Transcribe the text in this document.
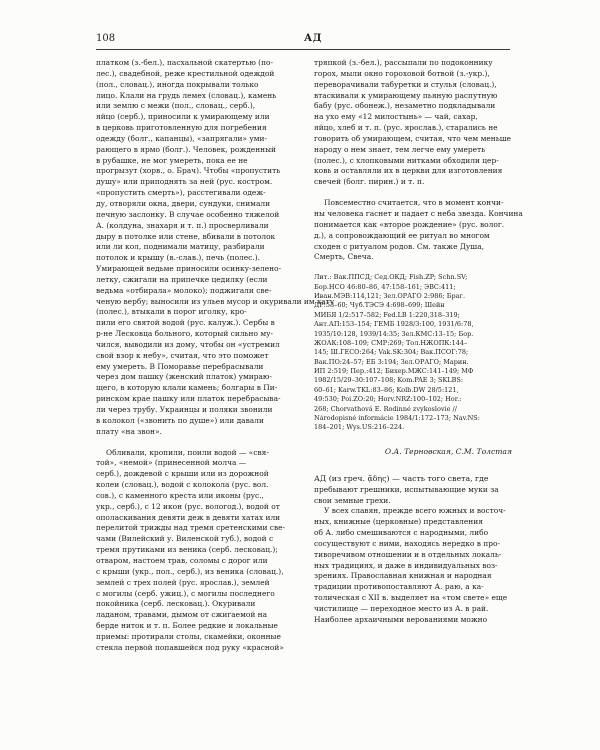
108	АД
платком (з.-бел.), пасхальной скатертью (по-
лес.), свадебной, реже крестильной одеждой
(пол., словац.), иногда покрывали только
лицо. Клали на грудь лемех (словац.), камень
или землю с межи (пол., словац., серб.),
яйцо (серб.), приносили к умирающему или
в церковь приготовленную для погребения
одежду (болг., капанцы), «запрягали» уми-
рающего в ярмо (болг.). Человек, рожденный
в рубашке, не мог умереть, пока ее не
прогрызут (хорв., о. Брач). Чтобы «пропустить
душу» или приподнять за ней (рус. кострoм.
«пропустить смерть»), расстегивали одеж-
ду, отворяли окна, двери, сундуки, снимали
печную заслонку. В случае особенно тяжелой
А. (колдуна, знахаря и т. п.) просверливали
дыру в потолке или стене, вбивали в потолок
или ли кол, поднимали матицу, разбирали
потолок и крышу (в.-слав.), печь (полес.).
Умирающей ведьме приносили осинку-зелено-
летку, сжигали на припечке цедилку (если
ведьма «отбирала» молоко); поджигали све-
ченую вербу; выносили из ульев мусор и окуривали им хату
(полес.), втыкали в порог иголку, кро-
пили его святой водой (рус. калуж.). Сербы в
р-не Лесковца больного, который сильно му-
чился, выводили из дому, чтобы он «устремил
свой взор к небу», считая, что это поможет
ему умереть. В Поморавье перебрасывали
через дом пашку (женский платок) умираю-
щего, в которую клали камень; болгары в Пи-
ринском крае пашку или платок перебрасыва-
ли через трубу. Украинцы и поляки звонили
в колокол («звонить по душе») или давали
плату «на звон».
Обливали, кропили, поили водой — «свя-
той», «немой» (принесенной молча —
серб.), дождевой с крыши или из дорожной
колеи (словац.), водой с колокола (рус. вол.
сов.), с каменного креста или иконы (рус.,
укр., серб.), с 12 икон (рус. вологод.), водой от
ополаскивания девяти деж в девяти хатах или
перелитой трижды над тремя сретенскими све-
чами (Вилейский у. Виленской губ.), водой с
тремя прутиками из веника (серб. лесковац.);
отваром, настоем трав, соломы с дорог или
с крыши (укр., пол., серб.), из веника (словац.),
землей с трех полей (рус. ярослав.), землей
с могилы (серб. ужиц.), с могилы последнего
покойника (серб. лесковац.). Окуривали
ладаном, травами, дымом от сжигаемой на
берде ниток и т. п. Более редкие и локальные
приемы: протирали столы, скамейки, оконные
стекла первой попавшейся под руку «красной»
тряпкой (з.-бел.), рассыпали по подоконнику
горох, мыли окно гороховой ботвой (з.-укр.),
переворачивали табуретки и стулья (словац.),
втаскивали к умирающему пьяную распутную
бабу (рус. обонеж.), незаметно подкладывали
на ухо ему «12 милостынь» — чай, сахар,
яйцо, хлеб и т. п. (рус. ярослав.), старались не
говорить об умирающем, считая, что чем меньше
народу о нем знает, тем легче ему умереть
(полес.), с хлопковыми нитками обходили цер-
ковь и оставляли их в церкви для изготовления
свечей (болг. пирин.) и т. п.
Повсеместно считается, что в момент кончи-
ны человека гаснет и падает с неба звезда. Кончина
понимается как «второе рождение» (рус. волог.
д.), а сопровождающий ее ритуал во многом
сходен с ритуалом родов. См. также Душа,
Смерть, Свеча.
Лит.: Вак.ППСД; Сед.ОКД; Fish.ZP; Schn.SV;
Бор.НСО 46:80–86, 47:158–161; ЭВС:411;
Иван.МЭВ:114,121; Зел.ОРАГО 2:986; Браг.
ДР:53–60; Чуб.ТЭСЭ 4:698–699; Шейн
МИБЯ 1/2:517–582; Fed.LB 1:220,318–319;
Ант.АП:153–154; ГЕМБ 1928/3:100, 1931/6:78,
1935/10:128, 1939/14:35; Зел.КМС:13–15; Бор.
ЖОАК:108–109; СМР:269; Тол.НЖОПК:144–
145; Ш.ГЕСО:264; Vak.SK:304; Вак.ПСОГ:78;
Вак.ПО:24–57; ЕБ 3:194; Зел.ОРАГО; Марин.
ИП 2:519; Пер.:412; Бихер.МЖС:141–149; МФ
1982/15/29–30:107–108; Kom.PAE 3; SKLBS:
60–61; Karw.TKL:83–86; Kolb.DW 28/5:121,
49:530; Poi.ZO:20; Horv.NRZ:100–102; Hor.:
268; Chorvathová E. Rodinné zvykoslovie //
Národopisné informácie 1984/1:172–173; Nav.NS:
184–201; Wys.US:216–224.
О.А. Терновская, С.М. Толстая
АД (из греч. ᾅδης) — часть того света, где
пребывают грешники, испытывающие муки за
свои земные грехи.
У всех славян, прежде всего южных и восточ-
ных, книжные (церковные) представления
об А. либо смешиваются с народными, либо
сосуществуют с ними, находясь нередко в про-
тиворечивом отношении и в отдельных локаль-
ных традициях, и даже в индивидуальных воз-
зрениях. Православная книжная и народная
традиции противопоставляют А. раю, а ка-
толическая с XII в. выделяет на «том свете» еще
чистилище — переходное место из А. в рай.
Наиболее архаичными верованиями можно
